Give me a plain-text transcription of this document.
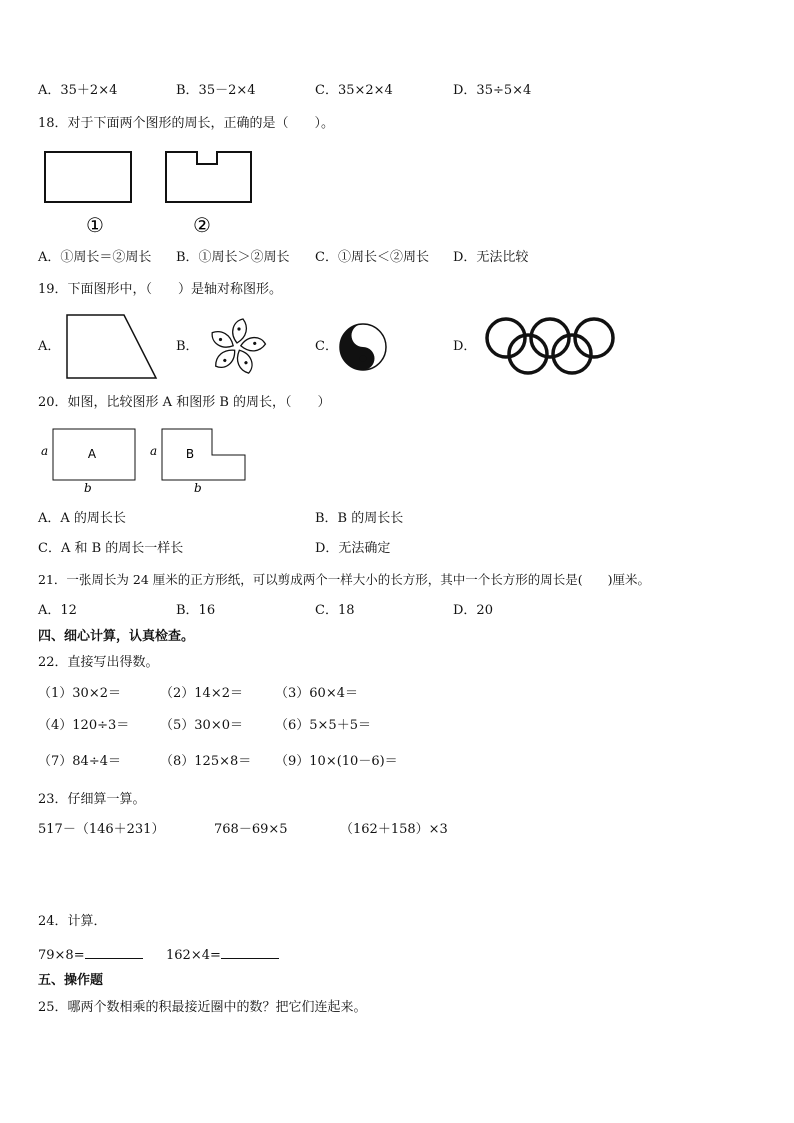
A．35＋2×4	B．35－2×4	C．35×2×4	D．35÷5×4
18．对于下面两个图形的周长，正确的是（　　）。
①	②
A．①周长＝②周长 B．①周长＞②周长 C．①周长＜②周长 D．无法比较
19．下面图形中，（　　）是轴对称图形。
A．	B．	C．	D．
20．如图，比较图形 A 和图形 B 的周长，（　　）
A
a
b
B
a
b
A．A 的周长长	B．B 的周长长
C．A 和 B 的周长一样长	D．无法确定
21．一张周长为 24 厘米的正方形纸，可以剪成两个一样大小的长方形，其中一个长方形的周长是(　　)厘米。
A．12	B．16	C．18	D．20
四、细心计算，认真检查。
22．直接写出得数。
（1）30×2＝	（2）14×2＝ （3）60×4＝
（4）120÷3＝ （5）30×0＝ （6）5×5＋5＝
（7）84÷4＝	（8）125×8＝ （9）10×(10－6)＝
23．仔细算一算。
517－（146＋231）	768－69×5	（162＋158）×3
24．计算．
79×8=	162×4=
五、操作题
25．哪两个数相乘的积最接近圈中的数？把它们连起来。
